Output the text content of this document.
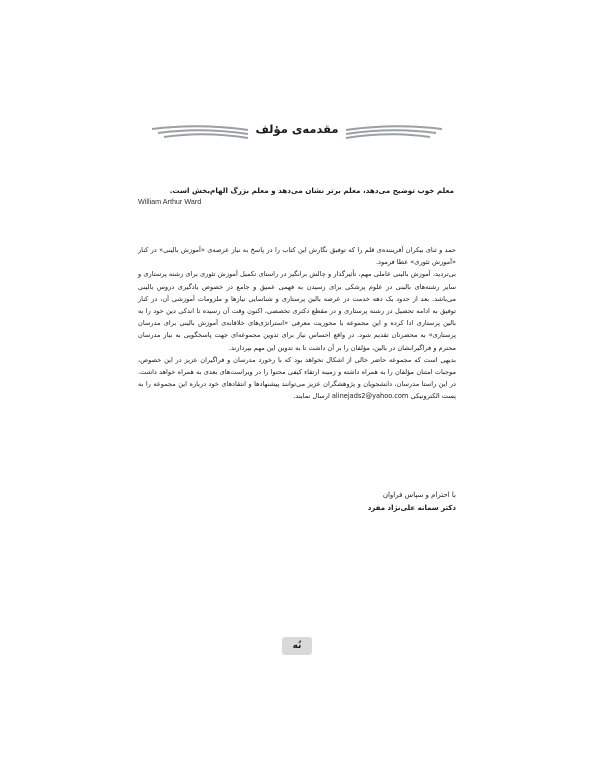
مقدمه‌ی مؤلف
معلم خوب توضیح می‌دهد، معلم برتر نشان می‌دهد و معلم بزرگ الهام‌بخش است.
William Arthur Ward

حمد و ثنای بیکران آفریننده‌ی قلم را که توفیق نگارش این کتاب را در پاسخ به نیاز عرصه‌ی «آموزش بالینی» در کنار «آموزش تئوری» عطا فرمود.

بی‌تردید، آموزش بالینی عاملی مهم، تأثیرگذار و چالش برانگیز در راستای تکمیل آموزش تئوری برای رشته پرستاری و سایر رشته‌های بالینی در علوم پزشکی برای رسیدن به فهمی عمیق و جامع در خصوص یادگیری دروس بالینی می‌باشد. بعد از حدود یک دهه خدمت در عرصه بالین پرستاری و شناسایی نیازها و ملزومات آموزشی آن، در کنار توفیق به ادامه تحصیل در رشته پرستاری و در مقطع دکتری تخصصی، اکنون وقت آن رسیده تا اندکی دین خود را به بالین پرستاری ادا کرده و این مجموعه با محوریت معرفی «استراتژی‌های خلاقانه‌ی آموزش بالینی برای مدرسان پرستاری» به محضرتان تقدیم شود. در واقع احساس نیاز برای تدوین مجموعه‌ای جهت پاسخگویی به نیاز مدرسان محترم و فراگیرانشان در بالین، مؤلفان را بر آن داشت تا به تدوین این مهم بپردازند.

بدیهی است که مجموعه حاضر خالی از اشکال نخواهد بود که با رخورد مدرسان و فراگیران عزیز در این خصوص، موجبات امتنان مؤلفان را به همراه داشته و زمینه ارتقاء کیفی محتوا را در ویراست‌های بعدی به همراه خواهد داشت. در این راستا مدرسان، دانشجویان و پژوهشگران عزیز می‌توانند پیشنهادها و انتقادهای خود درباره این مجموعه را به پست الکترونیکی alinejads2@yahoo.com ارسال نمایند.

با احترام و سپاس فراوان
دکتر سمانه علی‌نژاد مفرد
نُه
